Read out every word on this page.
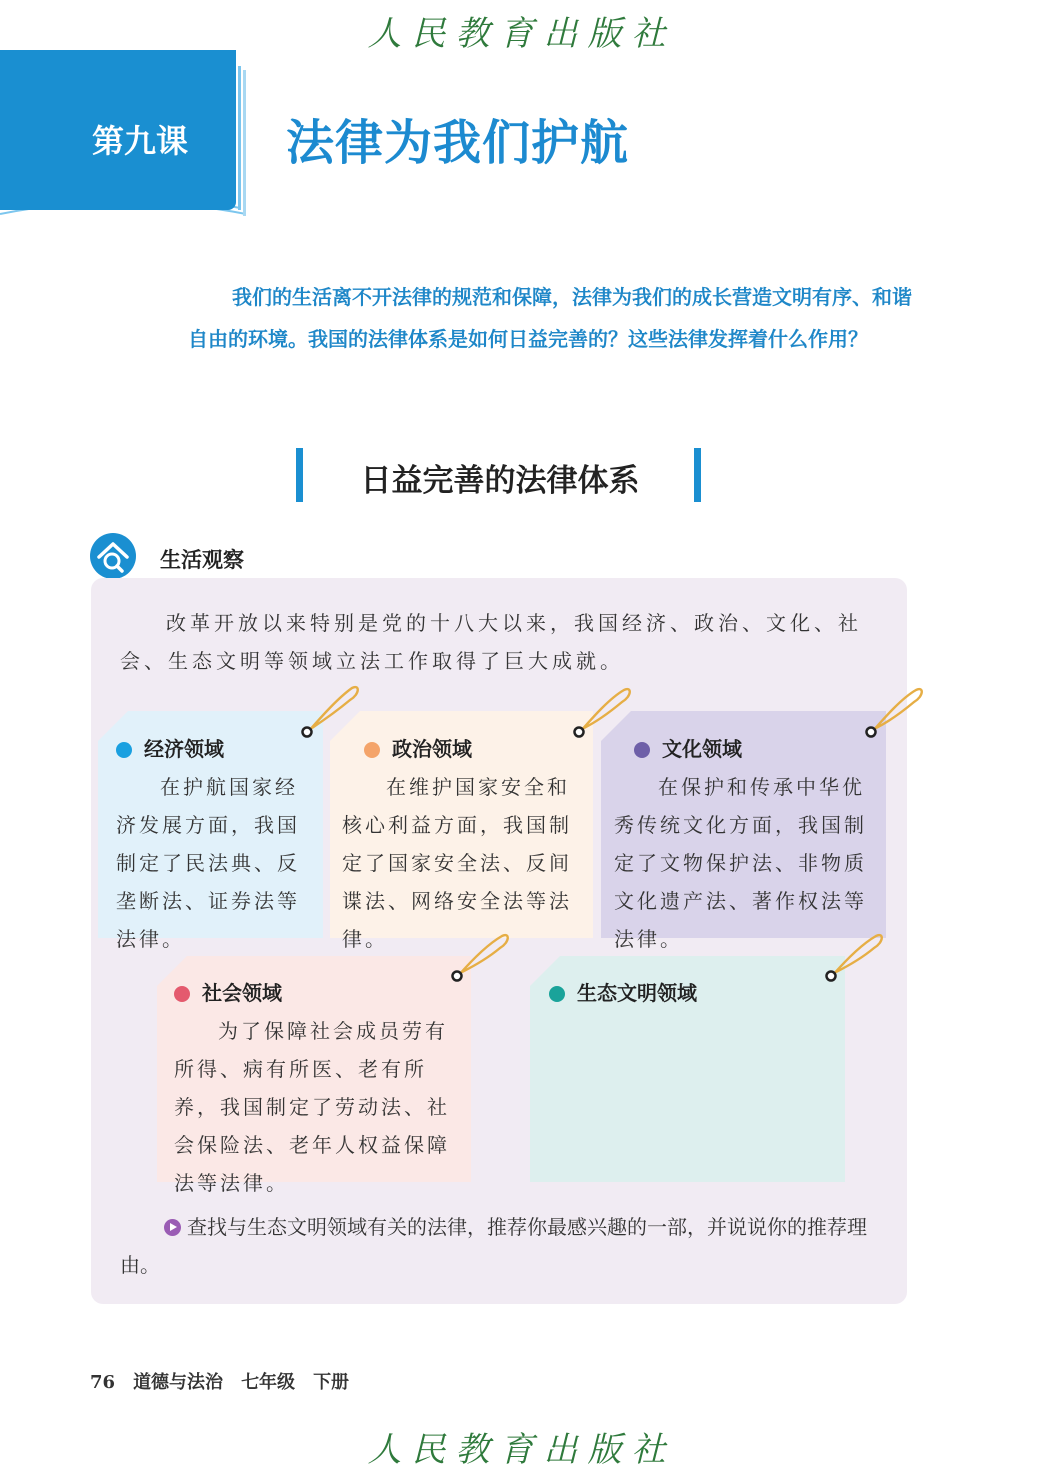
人民教育出版社
第九课 法律为我们护航
我们的生活离不开法律的规范和保障，法律为我们的成长营造文明有序、和谐自由的环境。我国的法律体系是如何日益完善的？这些法律发挥着什么作用？
日益完善的法律体系
生活观察
改革开放以来特别是党的十八大以来，我国经济、政治、文化、社会、生态文明等领域立法工作取得了巨大成就。
经济领域
在护航国家经济发展方面，我国制定了民法典、反垄断法、证券法等法律。
政治领域
在维护国家安全和核心利益方面，我国制定了国家安全法、反间谍法、网络安全法等法律。
文化领域
在保护和传承中华优秀传统文化方面，我国制定了文物保护法、非物质文化遗产法、著作权法等法律。
社会领域
为了保障社会成员劳有所得、病有所医、老有所养，我国制定了劳动法、社会保险法、老年人权益保障法等法律。
生态文明领域
查找与生态文明领域有关的法律，推荐你最感兴趣的一部，并说说你的推荐理由。
76 道德与法治 七年级 下册
人民教育出版社
